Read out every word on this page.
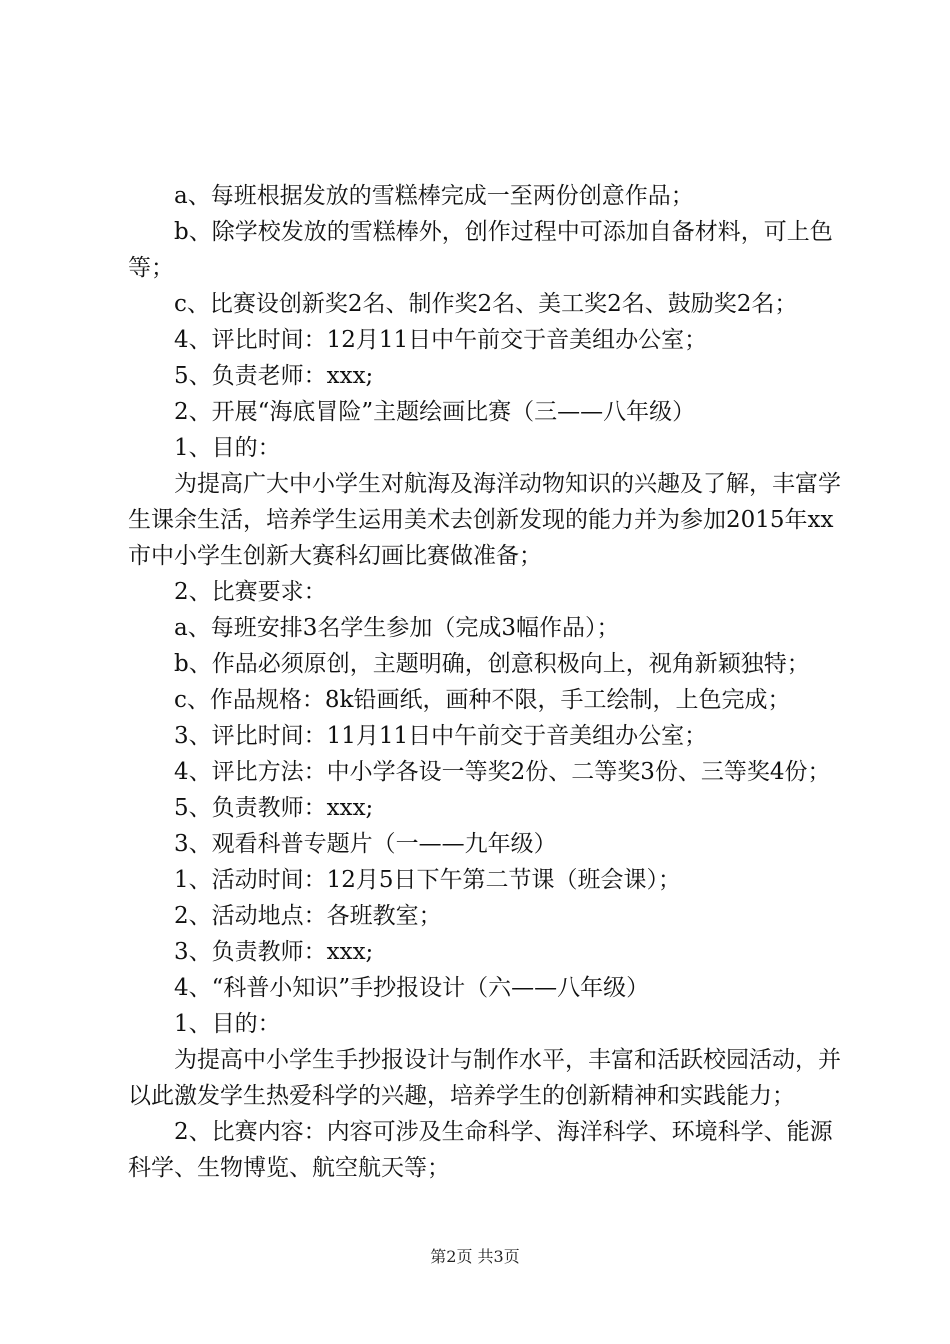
a、每班根据发放的雪糕棒完成一至两份创意作品；

b、除学校发放的雪糕棒外，创作过程中可添加自备材料，可上色等；

c、比赛设创新奖2名、制作奖2名、美工奖2名、鼓励奖2名；

4、评比时间：12月11日中午前交于音美组办公室；

5、负责老师：xxx;

2、开展“海底冒险”主题绘画比赛（三——八年级）

1、目的：

为提高广大中小学生对航海及海洋动物知识的兴趣及了解，丰富学生课余生活，培养学生运用美术去创新发现的能力并为参加2015年xx市中小学生创新大赛科幻画比赛做准备；

2、比赛要求：

a、每班安排3名学生参加（完成3幅作品）；

b、作品必须原创，主题明确，创意积极向上，视角新颖独特；

c、作品规格：8k铅画纸，画种不限，手工绘制，上色完成；

3、评比时间：11月11日中午前交于音美组办公室；

4、评比方法：中小学各设一等奖2份、二等奖3份、三等奖4份；

5、负责教师：xxx;

3、观看科普专题片（一——九年级）

1、活动时间：12月5日下午第二节课（班会课）；

2、活动地点：各班教室；

3、负责教师：xxx;

4、“科普小知识”手抄报设计（六——八年级）

1、目的：

为提高中小学生手抄报设计与制作水平，丰富和活跃校园活动，并以此激发学生热爱科学的兴趣，培养学生的创新精神和实践能力；

2、比赛内容：内容可涉及生命科学、海洋科学、环境科学、能源科学、生物博览、航空航天等；

第2页 共3页
